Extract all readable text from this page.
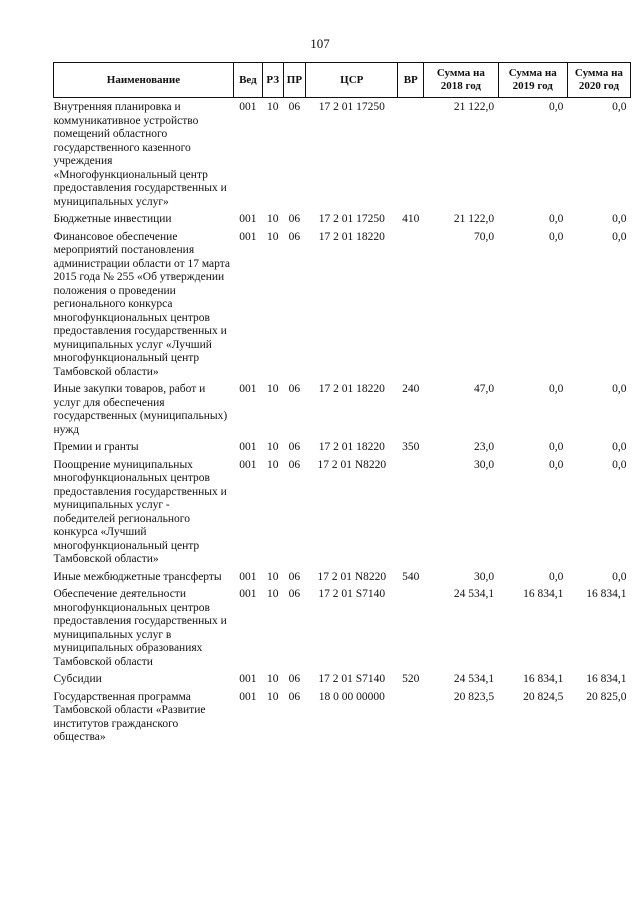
107
Наименование	Вед	РЗ	ПР	ЦСР	ВР	Сумма на 2018 год	Сумма на 2019 год	Сумма на 2020 год
Внутренняя планировка и коммуникативное устройство помещений областного государственного казенного учреждения «Многофункциональный центр предоставления государственных и муниципальных услуг»	001	10	06	17 2 01 17250		21 122,0	0,0	0,0
Бюджетные инвестиции	001	10	06	17 2 01 17250	410	21 122,0	0,0	0,0
Финансовое обеспечение мероприятий постановления администрации области от 17 марта 2015 года № 255 «Об утверждении положения о проведении регионального конкурса многофункциональных центров предоставления государственных и муниципальных услуг «Лучший многофункциональный центр Тамбовской области»	001	10	06	17 2 01 18220		70,0	0,0	0,0
Иные закупки товаров, работ и услуг для обеспечения государственных (муниципальных) нужд	001	10	06	17 2 01 18220	240	47,0	0,0	0,0
Премии и гранты	001	10	06	17 2 01 18220	350	23,0	0,0	0,0
Поощрение муниципальных многофункциональных центров предоставления государственных и муниципальных услуг - победителей регионального конкурса «Лучший многофункциональный центр Тамбовской области»	001	10	06	17 2 01 N8220		30,0	0,0	0,0
Иные межбюджетные трансферты	001	10	06	17 2 01 N8220	540	30,0	0,0	0,0
Обеспечение деятельности многофункциональных центров предоставления государственных и муниципальных услуг в муниципальных образованиях Тамбовской области	001	10	06	17 2 01 S7140		24 534,1	16 834,1	16 834,1
Субсидии	001	10	06	17 2 01 S7140	520	24 534,1	16 834,1	16 834,1
Государственная программа Тамбовской области «Развитие институтов гражданского общества»	001	10	06	18 0 00 00000		20 823,5	20 824,5	20 825,0
